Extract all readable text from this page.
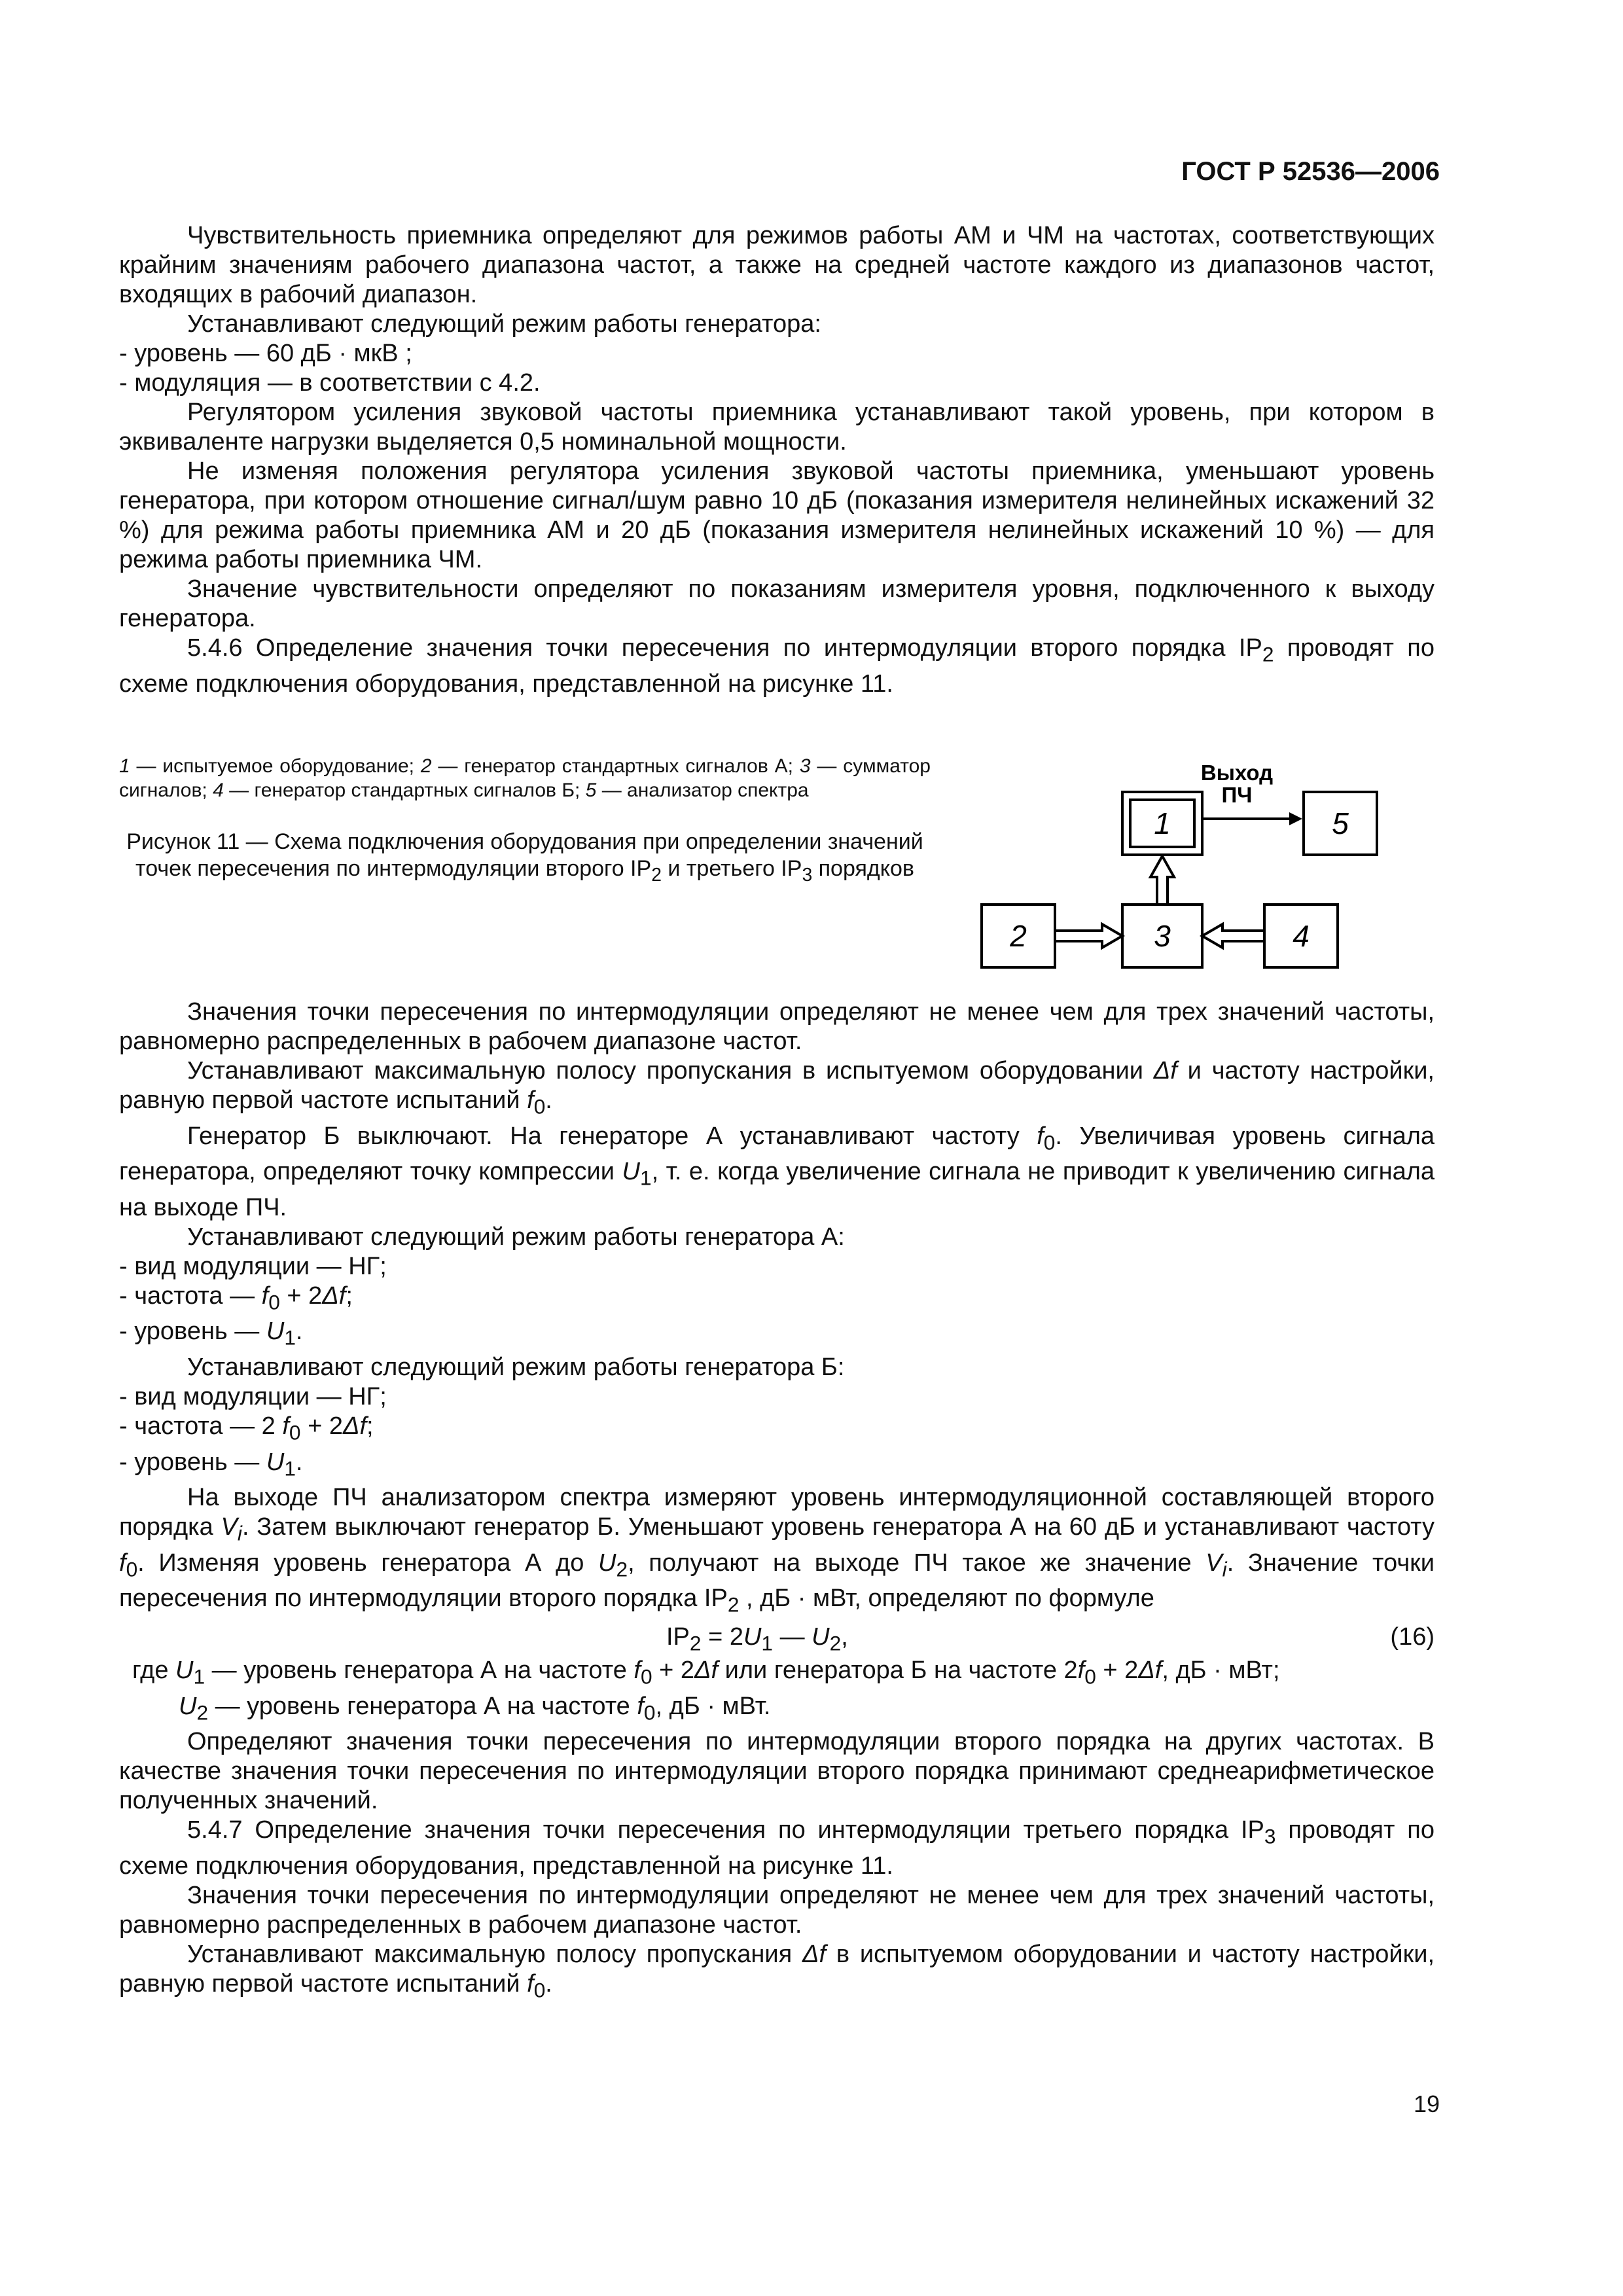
ГОСТ Р 52536—2006

Чувствительность приемника определяют для режимов работы АМ и ЧМ на частотах, соответствующих крайним значениям рабочего диапазона частот, а также на средней частоте каждого из диапазонов частот, входящих в рабочий диапазон.

Устанавливают следующий режим работы генератора:

- уровень — 60 дБ · мкВ ;

- модуляция — в соответствии с 4.2.

Регулятором усиления звуковой частоты приемника устанавливают такой уровень, при котором в эквиваленте нагрузки выделяется 0,5 номинальной мощности.

Не изменяя положения регулятора усиления звуковой частоты приемника, уменьшают уровень генератора, при котором отношение сигнал/шум равно 10 дБ (показания измерителя нелинейных искажений 32 %) для режима работы приемника АМ и 20 дБ (показания измерителя нелинейных искажений 10 %) — для режима работы приемника ЧМ.

Значение чувствительности определяют по показаниям измерителя уровня, подключенного к выходу генератора.

5.4.6 Определение значения точки пересечения по интермодуляции второго порядка $IP_2$ проводят по схеме подключения оборудования, представленной на рисунке 11.

1 — испытуемое оборудование; 2 — генератор стандартных сигналов А; 3 — сумматор сигналов; 4 — генератор стандартных сигналов Б; 5 — анализатор спектра

Рисунок 11 — Схема подключения оборудования при определении значений точек пересечения по интермодуляции второго $IP_2$ и третьего $IP_3$ порядков

Выход
ПЧ
1	5
2	3	4

Значения точки пересечения по интермодуляции определяют не менее чем для трех значений частоты, равномерно распределенных в рабочем диапазоне частот.

Устанавливают максимальную полосу пропускания в испытуемом оборудовании Δf и частоту настройки, равную первой частоте испытаний $f_0$.

Генератор Б выключают. На генераторе А устанавливают частоту $f_0$. Увеличивая уровень сигнала генератора, определяют точку компрессии $U_1$, т. е. когда увеличение сигнала не приводит к увеличению сигнала на выходе ПЧ.

Устанавливают следующий режим работы генератора А:

- вид модуляции — НГ;

- частота — $f_0 + 2\Delta f$;

- уровень — $U_1$.

Устанавливают следующий режим работы генератора Б:

- вид модуляции — НГ;

- частота — 2 $f_0 + 2\Delta f$;

- уровень — $U_1$.

На выходе ПЧ анализатором спектра измеряют уровень интермодуляционной составляющей второго порядка $V_i$. Затем выключают генератор Б. Уменьшают уровень генератора А на 60 дБ и устанавливают частоту $f_0$. Изменяя уровень генератора А до $U_2$, получают на выходе ПЧ такое же значение $V_i$. Значение точки пересечения по интермодуляции второго порядка $IP_2$ , дБ · мВт, определяют по формуле

$IP_2 = 2U_1$ — $U_2$,	(16)

где $U_1$ — уровень генератора А на частоте $f_0 + 2\Delta f$ или генератора Б на частоте $2f_0 + 2\Delta f$, дБ · мВт;

$U_2$ — уровень генератора А на частоте $f_0$, дБ · мВт.

Определяют значения точки пересечения по интермодуляции второго порядка на других частотах. В качестве значения точки пересечения по интермодуляции второго порядка принимают среднеарифметическое полученных значений.

5.4.7 Определение значения точки пересечения по интермодуляции третьего порядка $IP_3$ проводят по схеме подключения оборудования, представленной на рисунке 11.

Значения точки пересечения по интермодуляции определяют не менее чем для трех значений частоты, равномерно распределенных в рабочем диапазоне частот.

Устанавливают максимальную полосу пропускания Δf в испытуемом оборудовании и частоту настройки, равную первой частоте испытаний $f_0$.

19
